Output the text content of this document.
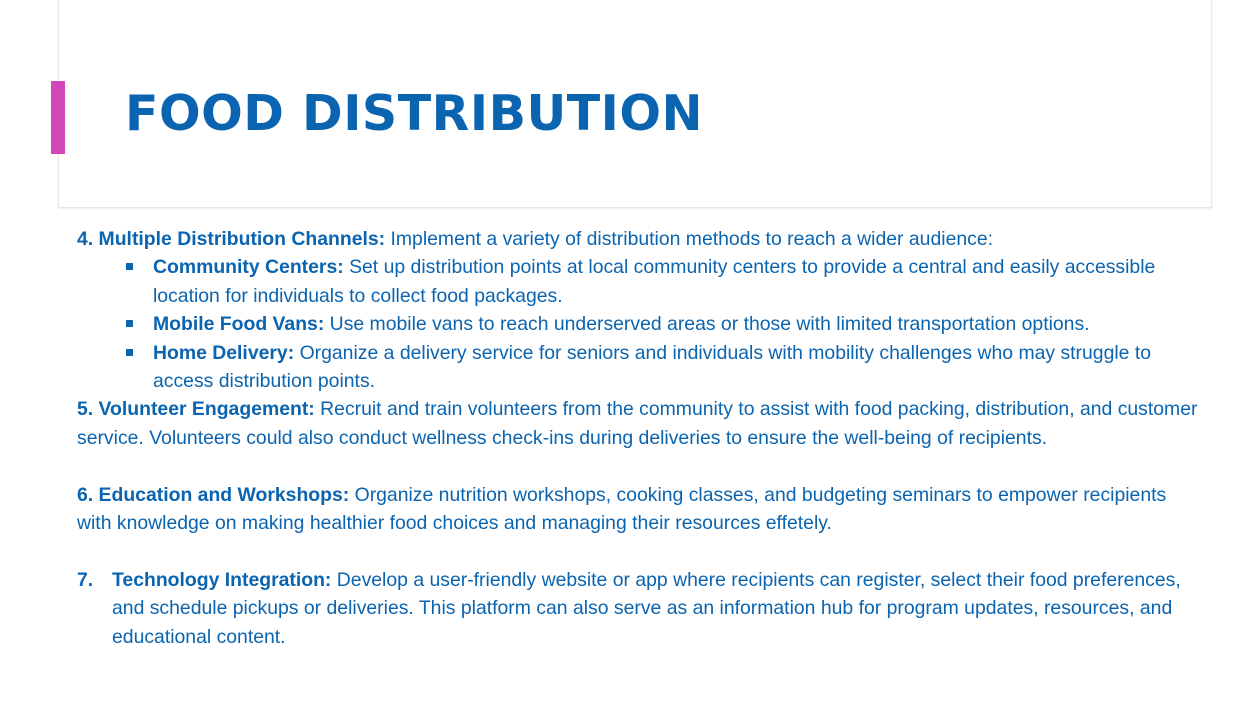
FOOD DISTRIBUTION

4. Multiple Distribution Channels: Implement a variety of distribution methods to reach a wider audience:

Community Centers: Set up distribution points at local community centers to provide a central and easily accessible location for individuals to collect food packages.
Mobile Food Vans: Use mobile vans to reach underserved areas or those with limited transportation options.
Home Delivery: Organize a delivery service for seniors and individuals with mobility challenges who may struggle to access distribution points.

5. Volunteer Engagement: Recruit and train volunteers from the community to assist with food packing, distribution, and customer service. Volunteers could also conduct wellness check-ins during deliveries to ensure the well-being of recipients.

6. Education and Workshops: Organize nutrition workshops, cooking classes, and budgeting seminars to empower recipients with knowledge on making healthier food choices and managing their resources effetely.

7. Technology Integration: Develop a user-friendly website or app where recipients can register, select their food preferences, and schedule pickups or deliveries. This platform can also serve as an information hub for program updates, resources, and educational content.
